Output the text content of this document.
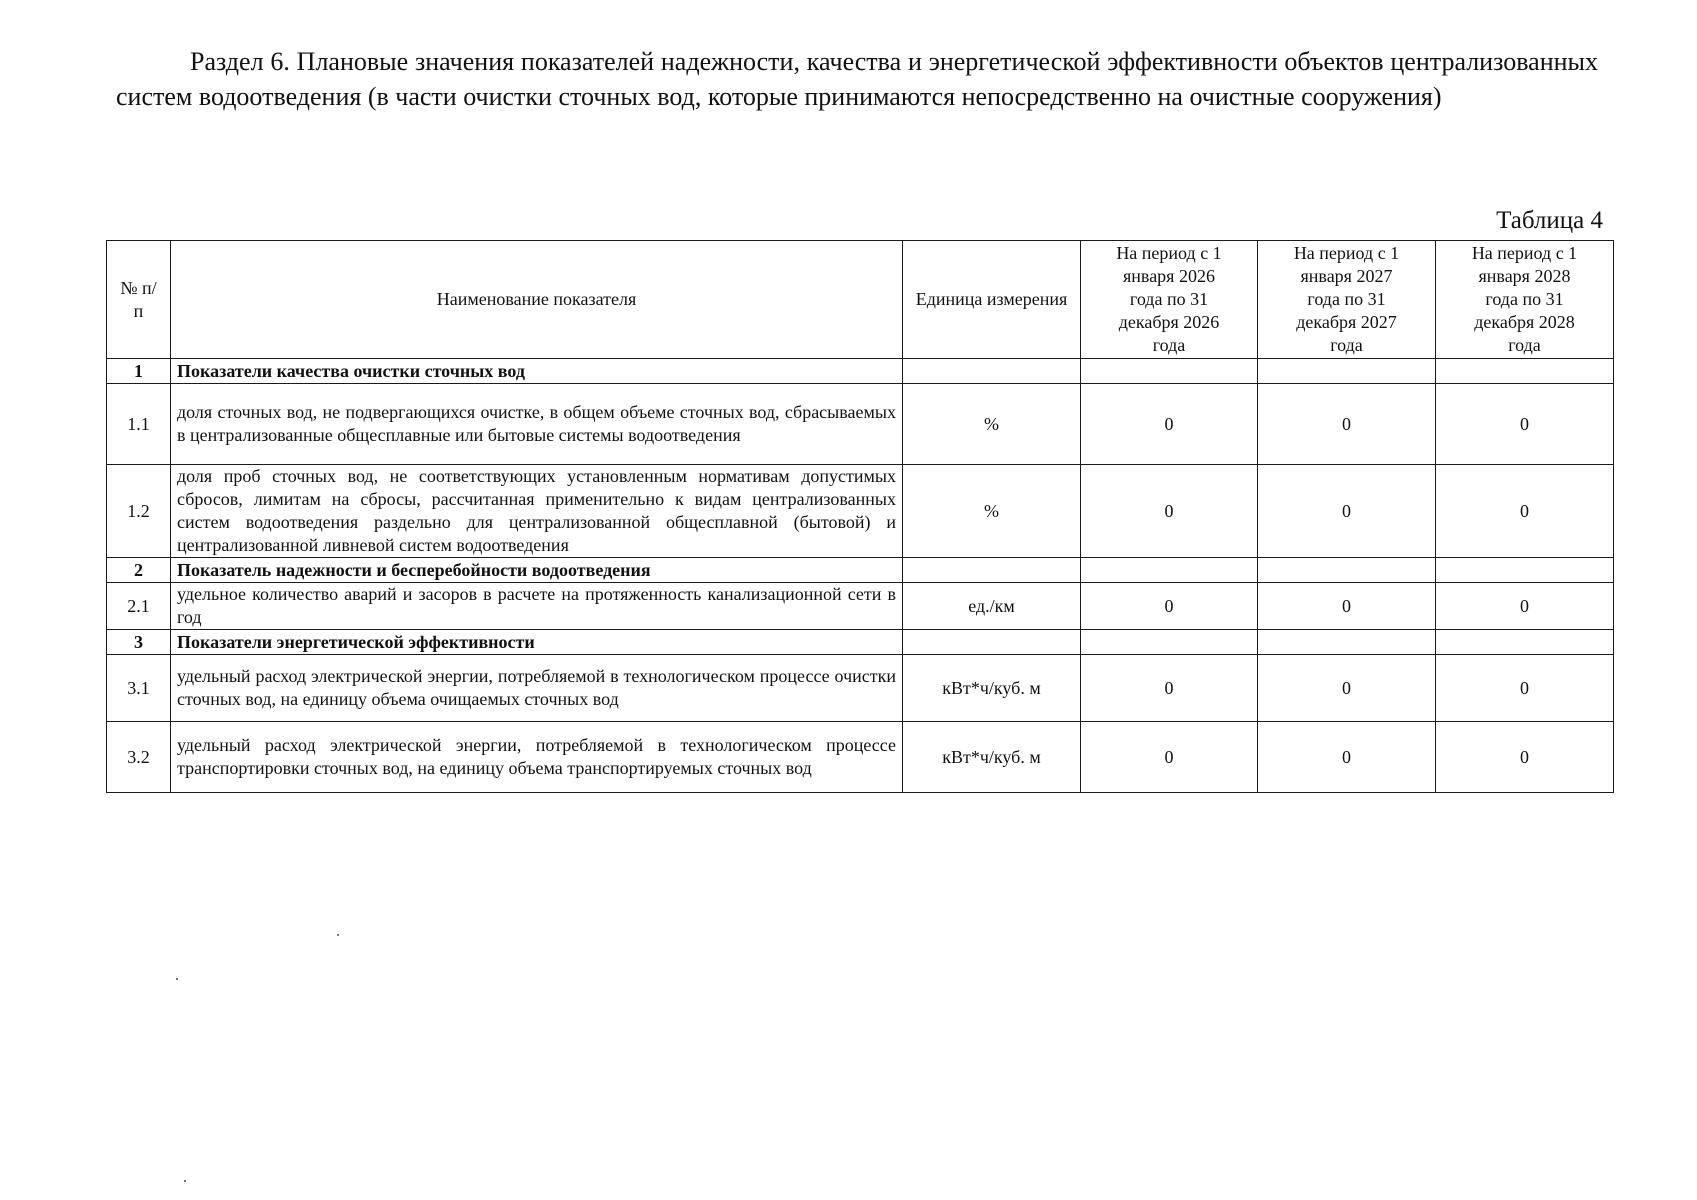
Раздел 6. Плановые значения показателей надежности, качества и энергетической эффективности объектов централизованных систем водоотведения (в части очистки сточных вод, которые принимаются непосредственно на очистные сооружения)
Таблица 4
№ п/п	Наименование показателя	Единица измерения	На период с 1 января 2026 года по 31 декабря 2026 года	На период с 1 января 2027 года по 31 декабря 2027 года	На период с 1 января 2028 года по 31 декабря 2028 года
1	Показатели качества очистки сточных вод				
1.1	доля сточных вод, не подвергающихся очистке, в общем объеме сточных вод, сбрасываемых в централизованные общесплавные или бытовые системы водоотведения	%	0	0	0
1.2	доля проб сточных вод, не соответствующих установленным нормативам допустимых сбросов, лимитам на сбросы, рассчитанная применительно к видам централизованных систем водоотведения раздельно для централизованной общесплавной (бытовой) и централизованной ливневой систем водоотведения	%	0	0	0
2	Показатель надежности и бесперебойности водоотведения				
2.1	удельное количество аварий и засоров в расчете на протяженность канализационной сети в год	ед./км	0	0	0
3	Показатели энергетической эффективности				
3.1	удельный расход электрической энергии, потребляемой в технологическом процессе очистки сточных вод, на единицу объема очищаемых сточных вод	кВт*ч/куб. м	0	0	0
3.2	удельный расход электрической энергии, потребляемой в технологическом процессе транспортировки сточных вод, на единицу объема транспортируемых сточных вод	кВт*ч/куб. м	0	0	0
